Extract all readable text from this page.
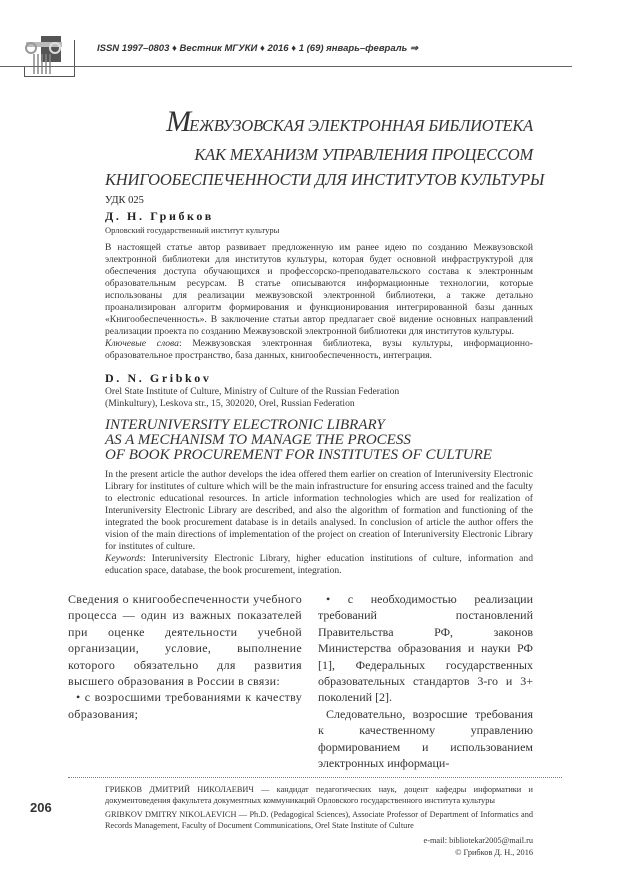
ISSN 1997–0803 ♦ Вестник МГУКИ ♦ 2016 ♦ 1 (69) январь–февраль ⇒
МЕЖВУЗОВСКАЯ ЭЛЕКТРОННАЯ БИБЛИОТЕКА
КАК МЕХАНИЗМ УПРАВЛЕНИЯ ПРОЦЕССОМ
КНИГООБЕСПЕЧЕННОСТИ ДЛЯ ИНСТИТУТОВ КУЛЬТУРЫ
УДК 025
Д. Н. Грибков
Орловский государственный институт культуры
В настоящей статье автор развивает предложенную им ранее идею по созданию Межвузовской электронной библиотеки для институтов культуры, которая будет основной инфраструктурой для обеспечения доступа обучающихся и профессорско-преподавательского состава к электронным образовательным ресурсам. В статье описываются информационные технологии, которые использованы для реализации межвузовской электронной библиотеки, а также детально проанализирован алгоритм формирования и функционирования интегрированной базы данных «Книгообеспеченность». В заключение статьи автор предлагает своё видение основных направлений реализации проекта по созданию Межвузовской электронной библиотеки для институтов культуры.
Ключевые слова: Межвузовская электронная библиотека, вузы культуры, информационно-образовательное пространство, база данных, книгообеспеченность, интеграция.
D. N. Gribkov
Orel State Institute of Culture, Ministry of Culture of the Russian Federation
(Minkultury), Leskova str., 15, 302020, Orel, Russian Federation
INTERUNIVERSITY ELECTRONIC LIBRARY
AS A MECHANISM TO MANAGE THE PROCESS
OF BOOK PROCUREMENT FOR INSTITUTES OF CULTURE
In the present article the author develops the idea offered them earlier on creation of Interuniversity Electronic Library for institutes of culture which will be the main infrastructure for ensuring access trained and the faculty to electronic educational resources. In article information technologies which are used for realization of Interuniversity Electronic Library are described, and also the algorithm of formation and functioning of the integrated the book procurement database is in details analysed. In conclusion of article the author offers the vision of the main directions of implementation of the project on creation of Interuniversity Electronic Library for institutes of culture.
Keywords: Interuniversity Electronic Library, higher education institutions of culture, information and education space, database, the book procurement, integration.

Сведения о книгообеспеченности учебного процесса — один из важных показателей при оценке деятельности учебной организации, условие, выполнение которого обязательно для развития высшего образования в России в связи:

• с возросшими требованиями к качеству образования;

• с необходимостью реализации требований постановлений Правительства РФ, законов Министерства образования и науки РФ [1], Федеральных государственных образовательных стандартов 3-го и 3+ поколений [2].

Следовательно, возросшие требования к качественному управлению формированием и использованием электронных информаци-

206
ГРИБКОВ ДМИТРИЙ НИКОЛАЕВИЧ — кандидат педагогических наук, доцент кафедры информатики и документоведения факультета документных коммуникаций Орловского государственного института культуры
GRIBKOV DMITRY NIKOLAEVICH — Ph.D. (Pedagogical Sciences), Associate Professor of Department of Informatics and Records Management, Faculty of Document Communications, Orel State Institute of Culture
e-mail: bibliotekar2005@mail.ru
© Грибков Д. Н., 2016
